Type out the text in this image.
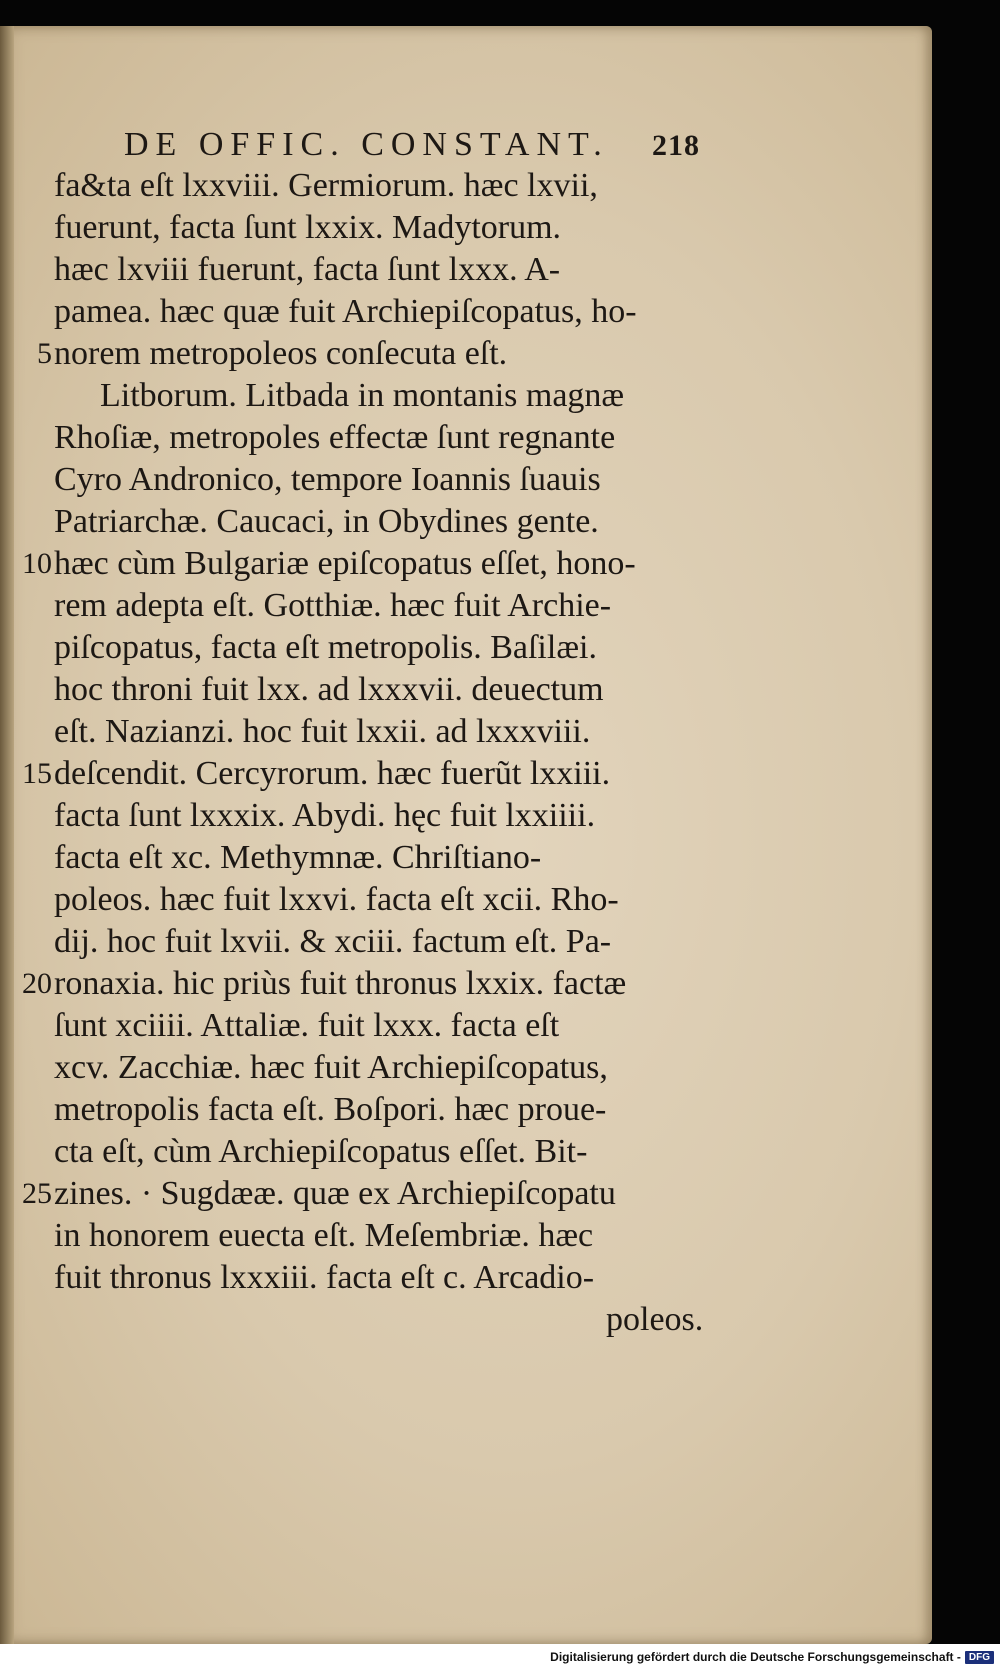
DE OFFIC. CONSTANT. 218
fa&ta eſt lxxviii. Germiorum. hæc lxvii,
fuerunt, facta ſunt lxxix. Madytorum.
hæc lxviii fuerunt, facta ſunt lxxx. A-
pamea. hæc quæ fuit Archiepiſcopatus, ho-
norem metropoleos conſecuta eſt.
Litborum. Litbada in montanis magnæ
Rhoſiæ, metropoles effectæ ſunt regnante
Cyro Andronico, tempore Ioannis ſuauis
Patriarchæ. Caucaci, in Obydines gente.
hæc cùm Bulgariæ epiſcopatus eſſet, hono-
rem adepta eſt. Gotthiæ. hæc fuit Archie-
piſcopatus, facta eſt metropolis. Baſilæi.
hoc throni fuit lxx. ad lxxxvii. deuectum
eſt. Nazianzi. hoc fuit lxxii. ad lxxxviii.
deſcendit. Cercyrorum. hæc fuerũt lxxiii.
facta ſunt lxxxix. Abydi. hęc fuit lxxiiii.
facta eſt xc. Methymnæ. Chriſtiano-
poleos. hæc fuit lxxvi. facta eſt xcii. Rho-
dij. hoc fuit lxvii. & xciii. factum eſt. Pa-
ronaxia. hic priùs fuit thronus lxxix. factæ
ſunt xciiii. Attaliæ. fuit lxxx. facta eſt
xcv. Zacchiæ. hæc fuit Archiepiſcopatus,
metropolis facta eſt. Boſpori. hæc proue-
cta eſt, cùm Archiepiſcopatus eſſet. Bit-
zines. · Sugdææ. quæ ex Archiepiſcopatu
in honorem euecta eſt. Meſembriæ. hæc
fuit thronus lxxxiii. facta eſt c. Arcadio-
poleos.
5
10
15
20
25
Digitalisierung gefördert durch die Deutsche Forschungsgemeinschaft - DFG
